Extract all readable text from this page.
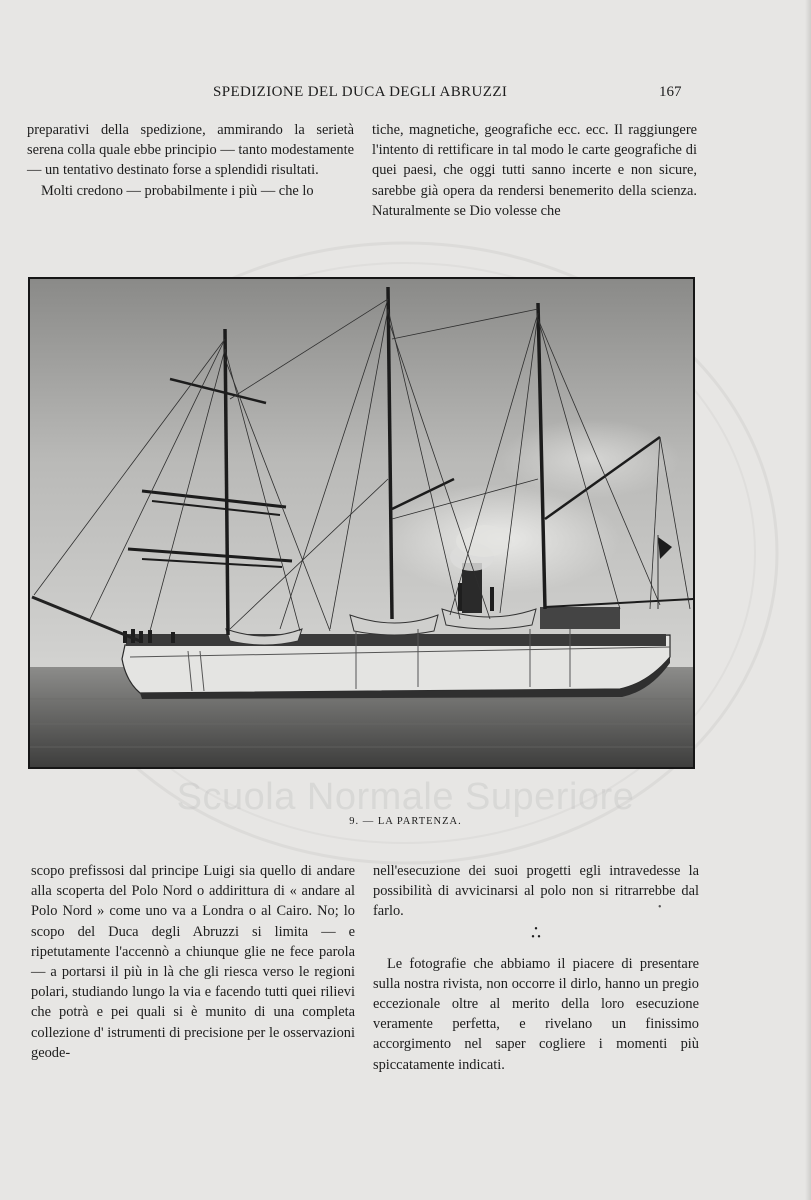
SPEDIZIONE DEL DUCA DEGLI ABRUZZI	167

preparativi della spedizione, ammirando la serietà serena colla quale ebbe principio — tanto modestamente — un tentativo destinato forse a splendidi risultati.

Molti credono — probabilmente i più — che lo

tiche, magnetiche, geografiche ecc. ecc. Il raggiungere l'intento di rettificare in tal modo le carte geografiche di quei paesi, che oggi tutti sanno incerte e non sicure, sarebbe già opera da rendersi benemerito della scienza. Naturalmente se Dio volesse che

Scuola Normale Superiore
9. — LA PARTENZA.

scopo prefissosi dal principe Luigi sia quello di andare alla scoperta del Polo Nord o addirittura di « andare al Polo Nord » come uno va a Londra o al Cairo. No; lo scopo del Duca degli Abruzzi si limita — e ripetutamente l'accennò a chiunque glie ne fece parola — a portarsi il più in là che gli riesca verso le regioni polari, studiando lungo la via e facendo tutti quei rilievi che potrà e pei quali si è munito di una completa collezione d' istrumenti di precisione per le osservazioni geode-

nell'esecuzione dei suoi progetti egli intravedesse la possibilità di avvicinarsi al polo non si ritrarrebbe dal farlo.

•
• •

Le fotografie che abbiamo il piacere di presentare sulla nostra rivista, non occorre il dirlo, hanno un pregio eccezionale oltre al merito della loro esecuzione veramente perfetta, e rivelano un finissimo accorgimento nel saper cogliere i momenti più spiccatamente indicati.

•
